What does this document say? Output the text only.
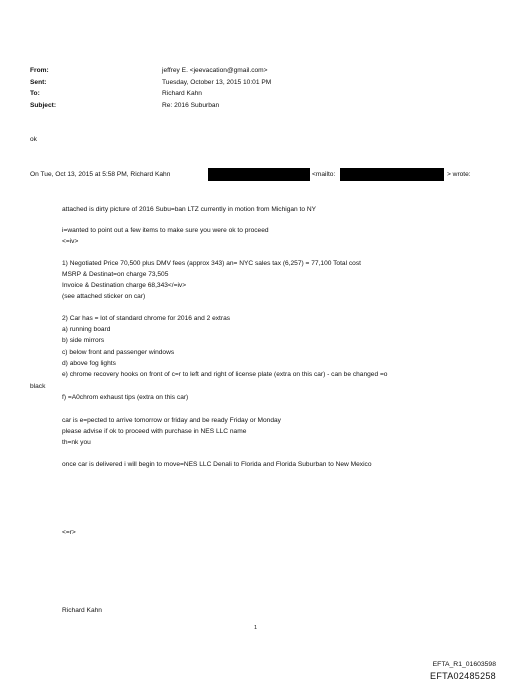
From:	jeffrey E. <jeevacation@gmail.com>
Sent:	Tuesday, October 13, 2015 10:01 PM
To:	Richard Kahn
Subject:	Re: 2016 Suburban
ok
On Tue, Oct 13, 2015 at 5:58 PM, Richard Kahn	<mailto:	> wrote:
attached is dirty picture of 2016 Subu=ban LTZ currently in motion from Michigan to NY
i=wanted to point out a few items to make sure you were ok to proceed
<=iv>
1) Negotiated Price 70,500 plus DMV fees (approx 343) an= NYC sales tax (6,257) = 77,100 Total cost
MSRP & Destinat=on charge 73,505
Invoice & Destination charge 68,343</=iv>
(see attached sticker on car)
2) Car has = lot of standard chrome for 2016 and 2 extras
a) running board
b) side mirrors
c) below front and passenger windows
d) above fog lights
e) chrome recovery hooks on front of c=r to left and right of license plate (extra on this car) - can be changed =o
black
f) =A0chrom exhaust tips (extra on this car)
car is e=pected to arrive tomorrow or friday and be ready Friday or Monday
please advise if ok to proceed with purchase in NES LLC name
th=nk you
once car is delivered i will begin to move=NES LLC Denali to Florida and Florida Suburban to New Mexico
<=r>
Richard Kahn
1
EFTA_R1_01603598
EFTA02485258
